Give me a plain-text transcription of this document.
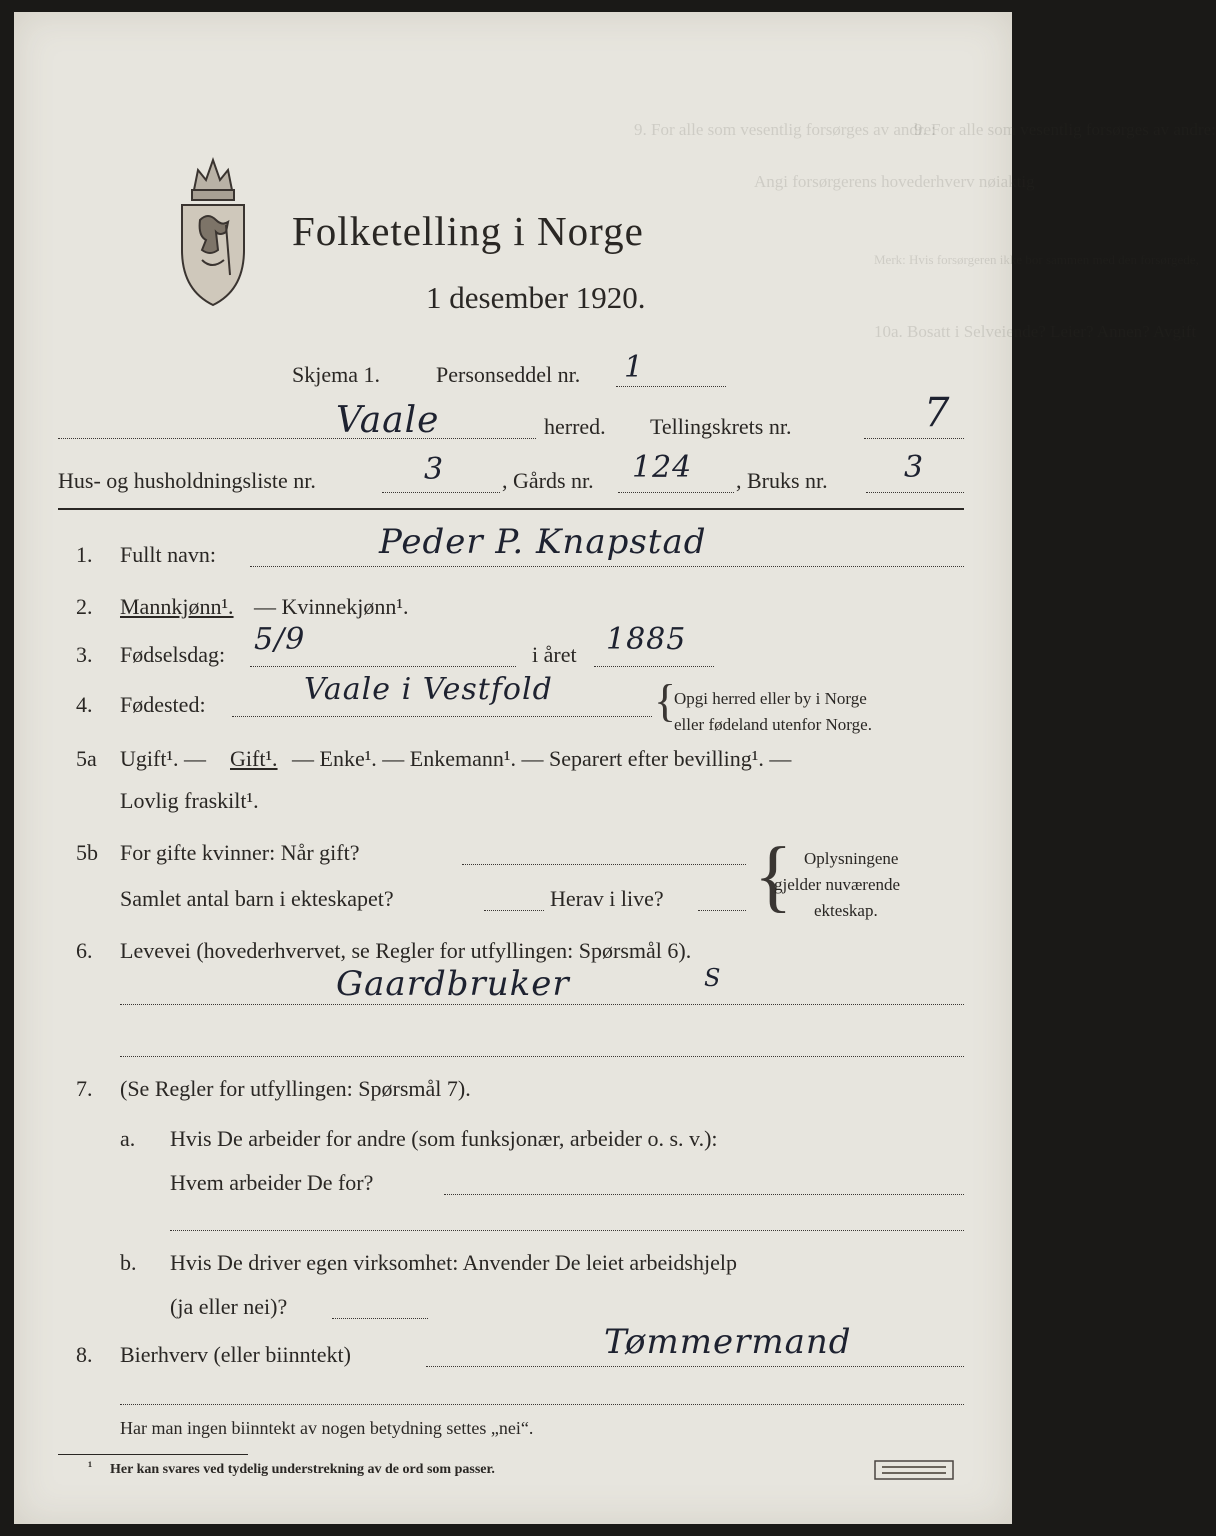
9. For alle som vesentlig forsørges av andre:
9. For alle som vesentlig forsørges av andre:
Angi forsørgerens hovederhverv nøiaktig
Merk: Hvis forsørgeren ikke bor sammen med den forsørgede,
10a. Bosatt i Selveiende? Leier? Annen? Avgift
Folketelling i Norge
1 desember 1920.
Skjema 1.	Personseddel nr. 1
Vaale	herred. Tellingskrets nr.	7
Hus- og husholdningsliste nr.	3	, Gårds nr. 124 , Bruks nr.	3
1. Fullt navn:	Peder P. Knapstad
2. Mannkjønn¹. — Kvinnekjønn¹.
3. Fødselsdag: 5/9	i året 1885
4. Fødested:	Vaale i Vestfold {
Opgi herred eller by i Norge
eller fødeland utenfor Norge.
5a Ugift¹. — Gift¹. — Enke¹. — Enkemann¹. — Separert efter bevilling¹. —
Lovlig fraskilt¹.
5b For gifte kvinner: Når gift?
Samlet antal barn i ekteskapet?	Herav i live? { Oplysningene
gjelder nuværende
ekteskap.
6. Levevei (hovederhvervet, se Regler for utfyllingen: Spørsmål 6).
Gaardbruker	S
7. (Se Regler for utfyllingen: Spørsmål 7).
a. Hvis De arbeider for andre (som funksjonær, arbeider o. s. v.):
Hvem arbeider De for?
b. Hvis De driver egen virksomhet: Anvender De leiet arbeidshjelp
(ja eller nei)?
8. Bierhverv (eller biinntekt)	Tømmermand
Har man ingen biinntekt av nogen betydning settes „nei“.
¹ Her kan svares ved tydelig understrekning av de ord som passer.
